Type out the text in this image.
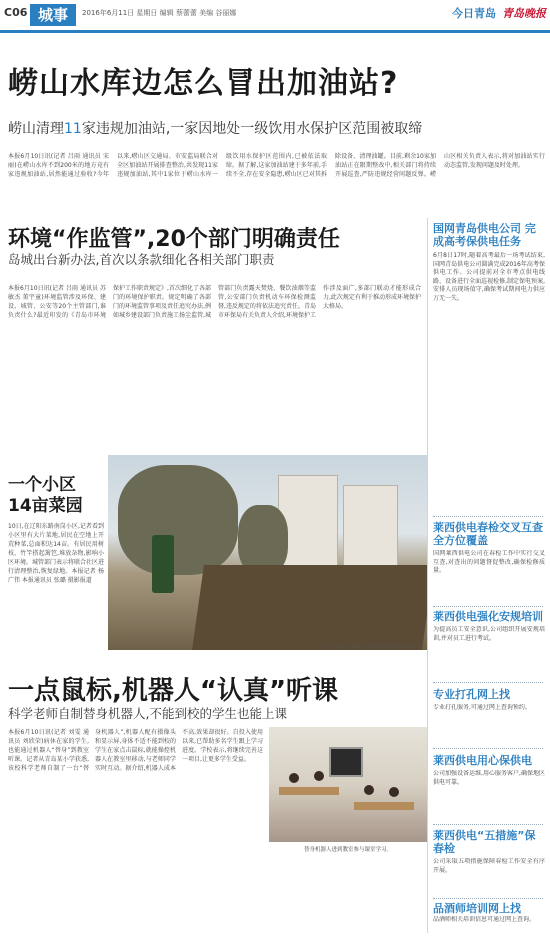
C06 城事	2016年6月11日 星期日 编辑 蔡蕾蕾 美编 谷丽娜	今日青岛 青岛晚报
崂山水库边怎么冒出加油站?
崂山清理11家违规加油站,一家因地处一级饮用水保护区范围被取缔

本报6月10日讯(记者 吕雨 通讯员 宋丽)在崂山水库不到200米的地方竟有家违规加油站,居然能通过验收?今年以来,崂山区交通局、市安监局联合对全区加油站开展排查整治,共发现11家违规加油站,其中1家位于崂山水库一级饮用水保护区范围内,已被依法取缔。据了解,这家加油站建于多年前,手续不全,存在安全隐患,崂山区已对其拆除设备、清理油罐。目前,剩余10家加油站正在限期整改中,相关部门将持续开展巡查,严防违规经营问题反弹。崂山区相关负责人表示,将对加油站实行动态监管,发现问题及时处理。

环境“作监管”,20个部门明确责任
岛城出台新办法,首次以条款细化各相关部门职责

本报6月10日讯(记者 吕雨 通讯员 苏敏杰 董宇童)环境监管涉及环保、建设、城管、公安等20个主管部门,谁负责什么?最近印发的《青岛市环境保护工作职责规定》,首次细化了各部门的环境保护职责。规定明确了各部门的环境监管事项及责任追究办法,例如城乡建设部门负责施工扬尘监管,城管部门负责露天焚烧、餐饮油烟等监管,公安部门负责机动车环保检测监督,违反规定的将依法追究责任。青岛市环保局有关负责人介绍,环境保护工作涉及面广,多部门联动才能形成合力,此次规定有利于推动形成环境保护大格局。

一个小区
14亩菜园

10日,在辽阳东路南岗小区,记者看到小区里有大片菜地,居民在空地上开荒种菜,总面积达14亩。有居民用树枝、竹竿搭起篱笆,堆放杂物,影响小区环境。城管部门表示将联合社区进行清理整治,恢复绿地。本报记者 杨广伟 本报通讯员 张璐 摄影报道

小区空地上堆满了搭菜架用的树枝和竹竿。
一点鼠标,机器人“认真”听课
科学老师自制替身机器人,不能到校的学生也能上课

本报6月10日讯(记者 刘雯 通讯员 刘欣荣)病休在家的学生,也能通过机器人“替身”到教室听课。记者从青岛某小学获悉,该校科学老师自制了一台“替身机器人”,机器人配有摄像头和显示屏,身体不适不能到校的学生在家点击鼠标,就能操控机器人在教室里移动,与老师同学实时互动。据介绍,机器人成本不高,效果却很好。自投入使用以来,已帮助多名学生跟上学习进度。学校表示,将继续完善这一项目,让更多学生受益。

替身机器人进到教室参与课堂学习。
国网青岛供电公司 完成高考保供电任务
6月8日17时,随着高考最后一场考试结束,国网青岛供电公司圆满完成2016年高考保供电工作。公司提前对全市考点供电线路、设备进行全面巡视检修,制定保电预案,安排人员现场值守,确保考试期间电力供应万无一失。
莱西供电春检交叉互查全方位覆盖
国网莱西供电公司在春检工作中实行交叉互查,对查出的问题督促整改,确保检修质量。
莱西供电强化安规培训
为提高员工安全意识,公司组织开展安规培训,并对员工进行考试。
专业打孔网上找
专业打孔服务,可通过网上查询预约。
莱西供电用心保供电
公司加强设备运维,用心服务客户,确保地区供电可靠。
莱西供电“五措施”保春检
公司采取五项措施保障春检工作安全有序开展。
品酒师培训网上找
品酒师相关培训信息可通过网上查询。
